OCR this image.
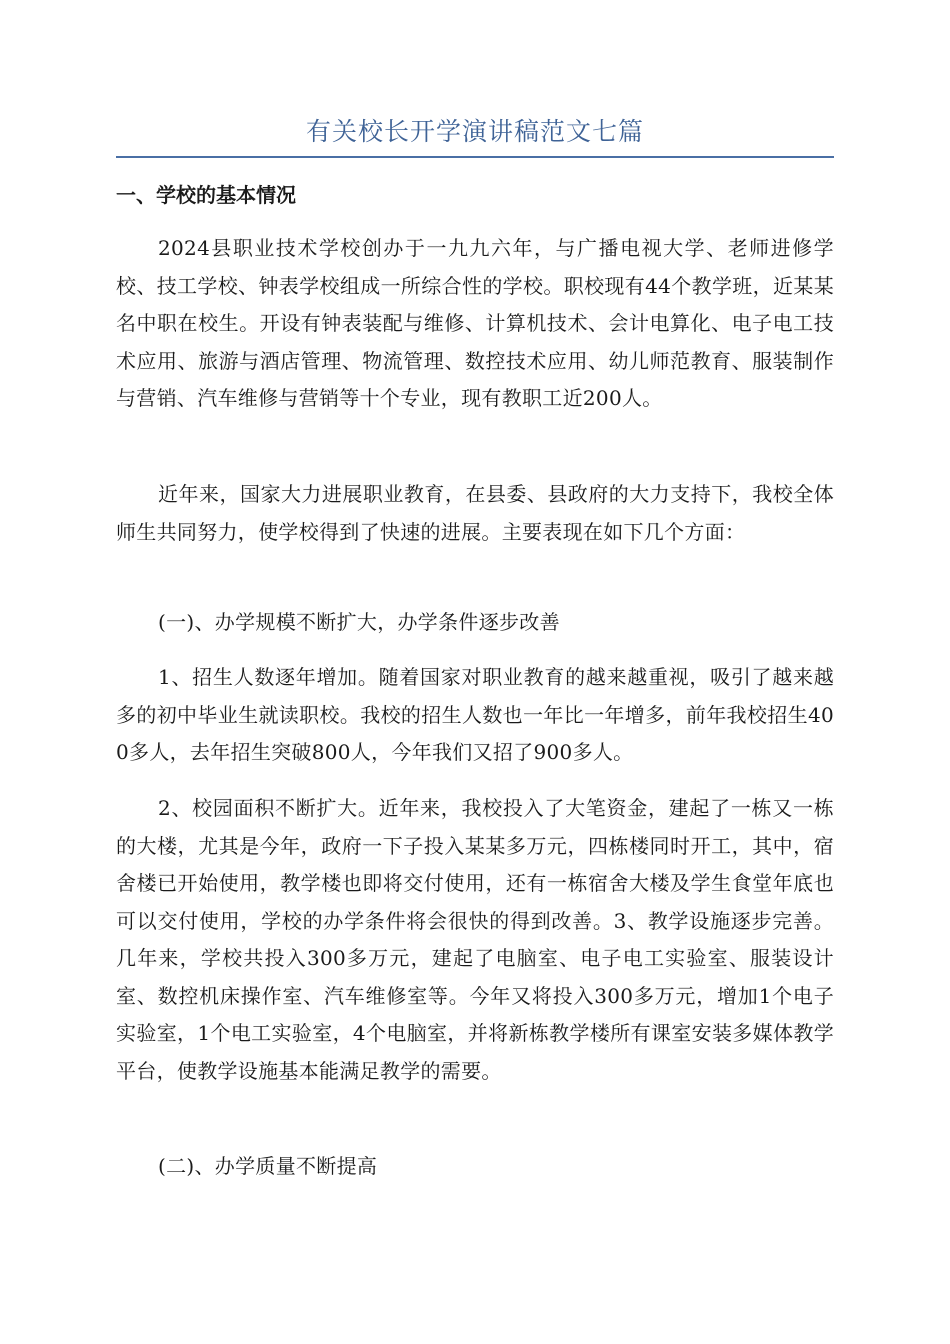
有关校长开学演讲稿范文七篇
一、学校的基本情况
2024县职业技术学校创办于一九九六年，与广播电视大学、老师进修学校、技工学校、钟表学校组成一所综合性的学校。职校现有44个教学班，近某某名中职在校生。开设有钟表装配与维修、计算机技术、会计电算化、电子电工技术应用、旅游与酒店管理、物流管理、数控技术应用、幼儿师范教育、服装制作与营销、汽车维修与营销等十个专业，现有教职工近200人。
近年来，国家大力进展职业教育，在县委、县政府的大力支持下，我校全体师生共同努力，使学校得到了快速的进展。主要表现在如下几个方面：
(一)、办学规模不断扩大，办学条件逐步改善
1、招生人数逐年增加。随着国家对职业教育的越来越重视，吸引了越来越多的初中毕业生就读职校。我校的招生人数也一年比一年增多，前年我校招生400多人，去年招生突破800人，今年我们又招了900多人。
2、校园面积不断扩大。近年来，我校投入了大笔资金，建起了一栋又一栋的大楼，尤其是今年，政府一下子投入某某多万元，四栋楼同时开工，其中，宿舍楼已开始使用，教学楼也即将交付使用，还有一栋宿舍大楼及学生食堂年底也可以交付使用，学校的办学条件将会很快的得到改善。3、教学设施逐步完善。几年来，学校共投入300多万元，建起了电脑室、电子电工实验室、服装设计室、数控机床操作室、汽车维修室等。今年又将投入300多万元，增加1个电子实验室，1个电工实验室，4个电脑室，并将新栋教学楼所有课室安装多媒体教学平台，使教学设施基本能满足教学的需要。
(二)、办学质量不断提高
